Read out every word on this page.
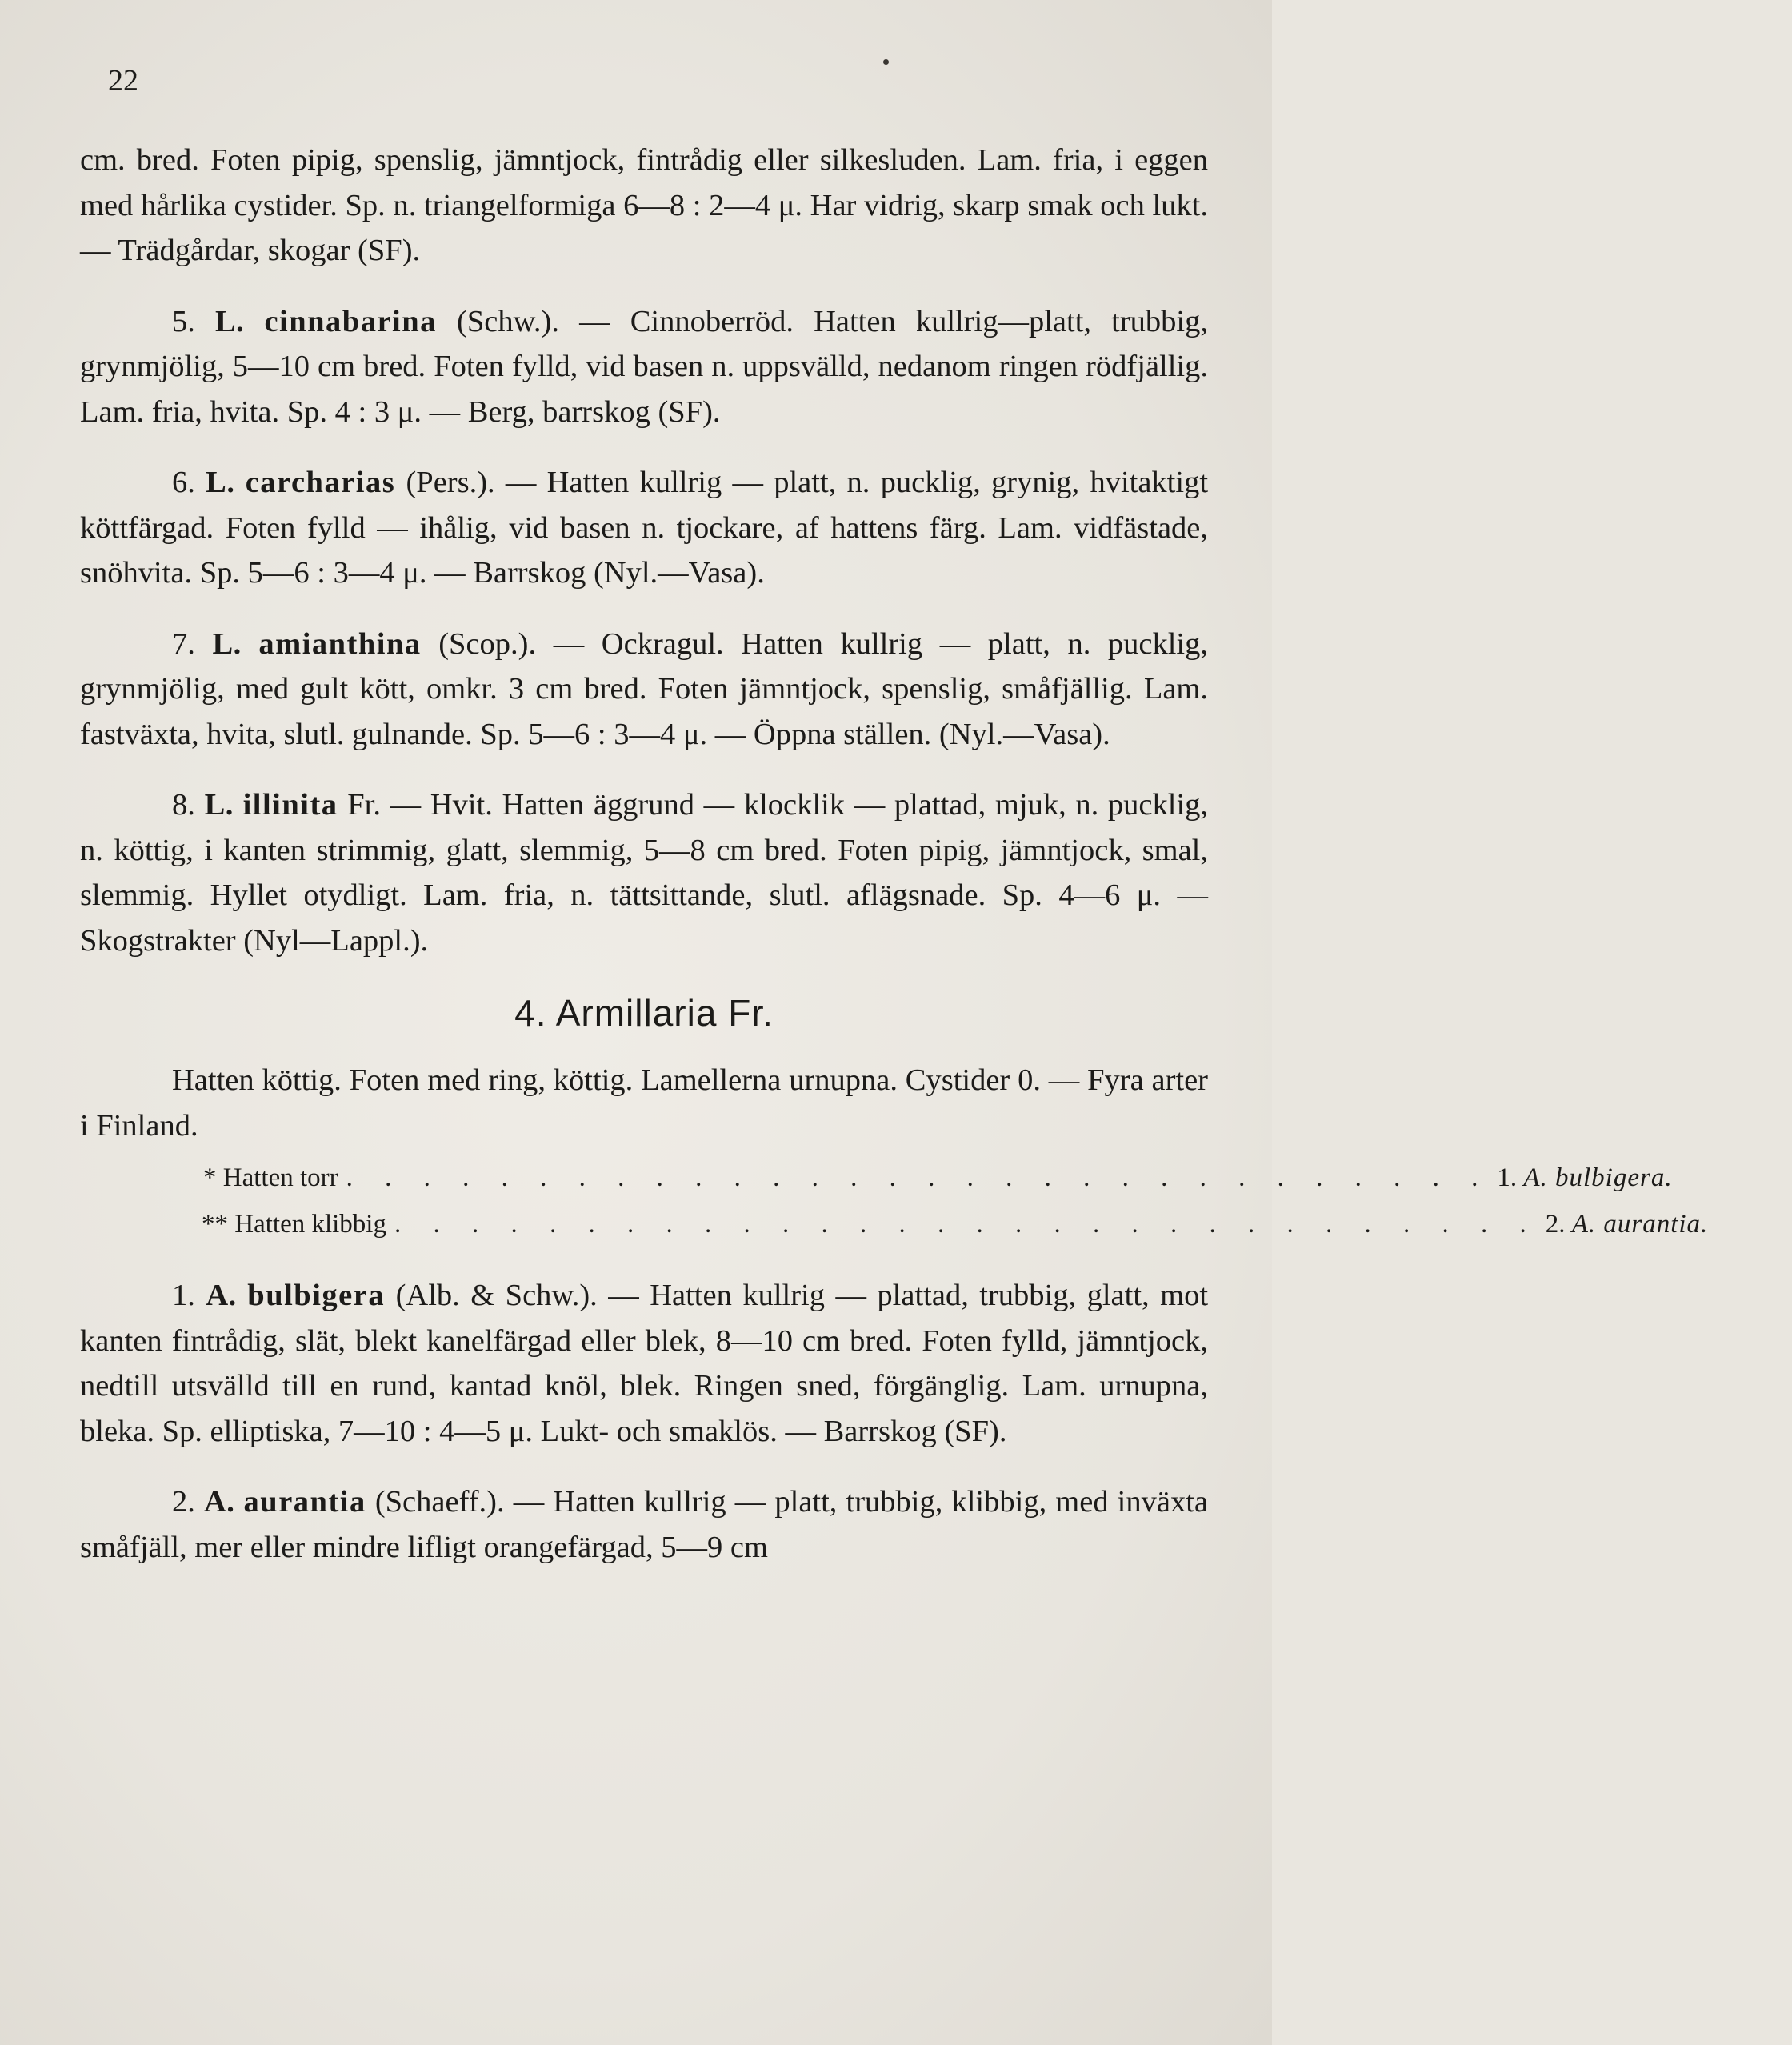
22

cm. bred. Foten pipig, spenslig, jämntjock, fintrådig eller silkesluden. Lam. fria, i eggen med hårlika cystider. Sp. n. triangelformiga 6—8 : 2—4 μ. Har vidrig, skarp smak och lukt. — Trädgårdar, skogar (SF).

5. L. cinnabarina (Schw.). — Cinnoberröd. Hatten kullrig—platt, trubbig, grynmjölig, 5—10 cm bred. Foten fylld, vid basen n. uppsvälld, nedanom ringen rödfjällig. Lam. fria, hvita. Sp. 4 : 3 μ. — Berg, barrskog (SF).

6. L. carcharias (Pers.). — Hatten kullrig — platt, n. pucklig, grynig, hvitaktigt köttfärgad. Foten fylld — ihålig, vid basen n. tjockare, af hattens färg. Lam. vidfästade, snöhvita. Sp. 5—6 : 3—4 μ. — Barrskog (Nyl.—Vasa).

7. L. amianthina (Scop.). — Ockragul. Hatten kullrig — platt, n. pucklig, grynmjölig, med gult kött, omkr. 3 cm bred. Foten jämntjock, spenslig, småfjällig. Lam. fastväxta, hvita, slutl. gulnande. Sp. 5—6 : 3—4 μ. — Öppna ställen. (Nyl.—Vasa).

8. L. illinita Fr. — Hvit. Hatten äggrund — klocklik — plattad, mjuk, n. pucklig, n. köttig, i kanten strimmig, glatt, slemmig, 5—8 cm bred. Foten pipig, jämntjock, smal, slemmig. Hyllet otydligt. Lam. fria, n. tättsittande, slutl. aflägsnade. Sp. 4—6 μ. — Skogstrakter (Nyl—Lappl.).

4. Armillaria Fr.

Hatten köttig. Foten med ring, köttig. Lamellerna urnupna. Cystider 0. — Fyra arter i Finland.

* Hatten torr . . . . . . . . . . . . . . . . . . . . . . . . . . . . . . 1. A. bulbigera.
** Hatten klibbig . . . . . . . . . . . . . . . . . . . . . . . . . . . . . . 2. A. aurantia.

1. A. bulbigera (Alb. & Schw.). — Hatten kullrig — plattad, trubbig, glatt, mot kanten fintrådig, slät, blekt kanelfärgad eller blek, 8—10 cm bred. Foten fylld, jämntjock, nedtill utsvälld till en rund, kantad knöl, blek. Ringen sned, förgänglig. Lam. urnupna, bleka. Sp. elliptiska, 7—10 : 4—5 μ. Lukt- och smaklös. — Barrskog (SF).

2. A. aurantia (Schaeff.). — Hatten kullrig — platt, trubbig, klibbig, med inväxta småfjäll, mer eller mindre lifligt orangefärgad, 5—9 cm
